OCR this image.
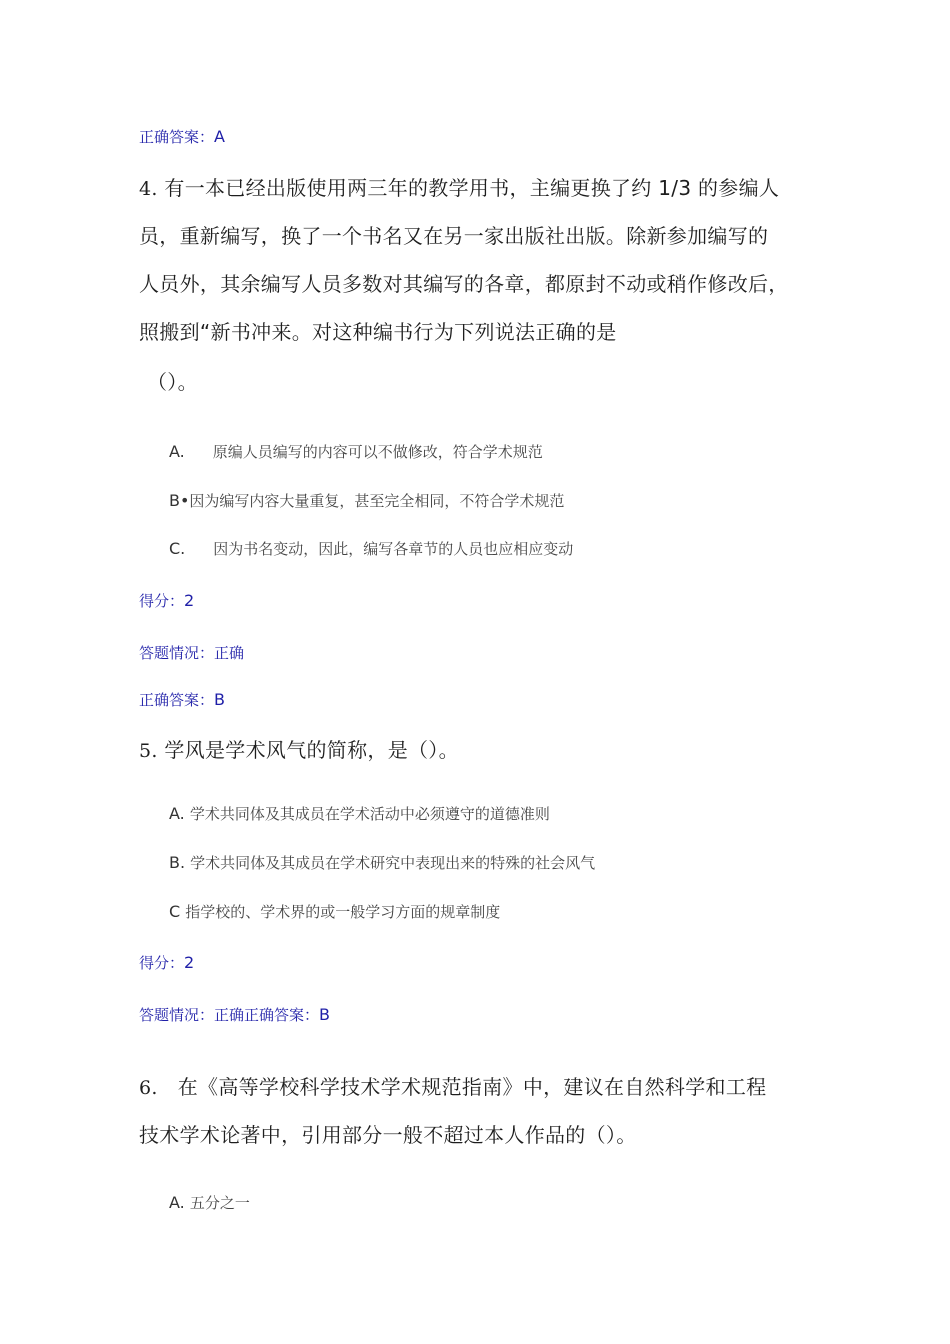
正确答案：A
4. 有一本已经出版使用两三年的教学用书，主编更换了约 1/3 的参编人
员，重新编写，换了一个书名又在另一家出版社出版。除新参加编写的
人员外，其余编写人员多数对其编写的各章，都原封不动或稍作修改后，
照搬到“新书冲来。对这种编书行为下列说法正确的是
（）。
A. 原编人员编写的内容可以不做修改，符合学术规范
B•因为编写内容大量重复，甚至完全相同，不符合学术规范
C. 因为书名变动，因此，编写各章节的人员也应相应变动
得分：2
答题情况：正确
正确答案：B
5. 学风是学术风气的简称，是（）。
A. 学术共同体及其成员在学术活动中必须遵守的道德准则
B. 学术共同体及其成员在学术研究中表现出来的特殊的社会风气
C 指学校的、学术界的或一般学习方面的规章制度
得分：2
答题情况：正确正确答案：B
6. 在《高等学校科学技术学术规范指南》中，建议在自然科学和工程
技术学术论著中，引用部分一般不超过本人作品的（）。
A. 五分之一
